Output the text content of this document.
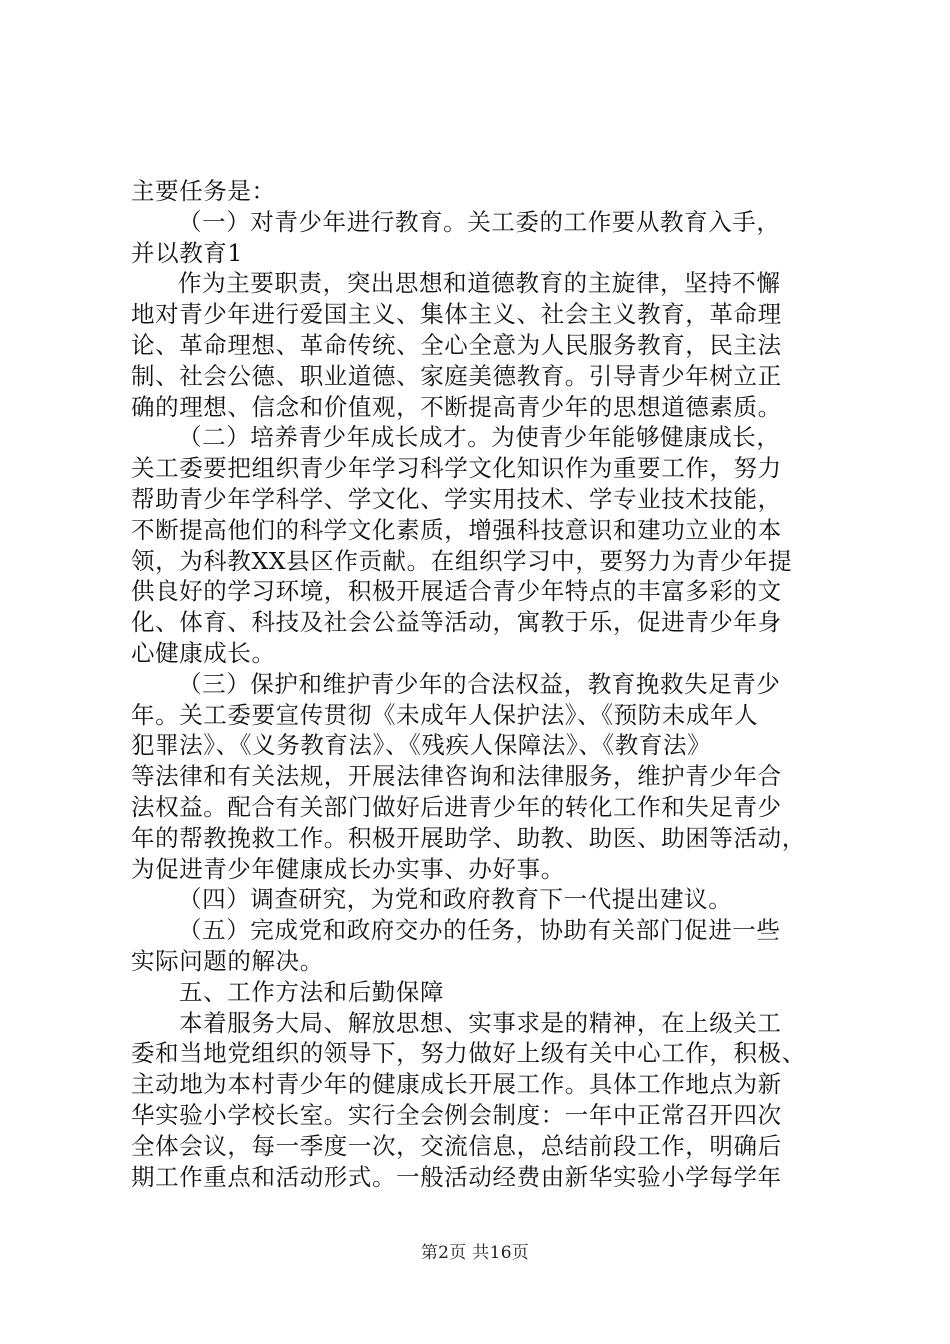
主要任务是：
（一）对青少年进行教育。关工委的工作要从教育入手，
并以教育1
作为主要职责，突出思想和道德教育的主旋律，坚持不懈
地对青少年进行爱国主义、集体主义、社会主义教育，革命理
论、革命理想、革命传统、全心全意为人民服务教育，民主法
制、社会公德、职业道德、家庭美德教育。引导青少年树立正
确的理想、信念和价值观，不断提高青少年的思想道德素质。
（二）培养青少年成长成才。为使青少年能够健康成长，
关工委要把组织青少年学习科学文化知识作为重要工作，努力
帮助青少年学科学、学文化、学实用技术、学专业技术技能，
不断提高他们的科学文化素质，增强科技意识和建功立业的本
领，为科教XX县区作贡献。在组织学习中，要努力为青少年提
供良好的学习环境，积极开展适合青少年特点的丰富多彩的文
化、体育、科技及社会公益等活动，寓教于乐，促进青少年身
心健康成长。
（三）保护和维护青少年的合法权益，教育挽救失足青少
年。关工委要宣传贯彻《未成年人保护法》、《预防未成年人
犯罪法》、《义务教育法》、《残疾人保障法》、《教育法》
等法律和有关法规，开展法律咨询和法律服务，维护青少年合
法权益。配合有关部门做好后进青少年的转化工作和失足青少
年的帮教挽救工作。积极开展助学、助教、助医、助困等活动，
为促进青少年健康成长办实事、办好事。
（四）调查研究，为党和政府教育下一代提出建议。
（五）完成党和政府交办的任务，协助有关部门促进一些
实际问题的解决。
五、工作方法和后勤保障
本着服务大局、解放思想、实事求是的精神，在上级关工
委和当地党组织的领导下，努力做好上级有关中心工作，积极、
主动地为本村青少年的健康成长开展工作。具体工作地点为新
华实验小学校长室。实行全会例会制度：一年中正常召开四次
全体会议，每一季度一次，交流信息，总结前段工作，明确后
期工作重点和活动形式。一般活动经费由新华实验小学每学年
第2页 共16页
